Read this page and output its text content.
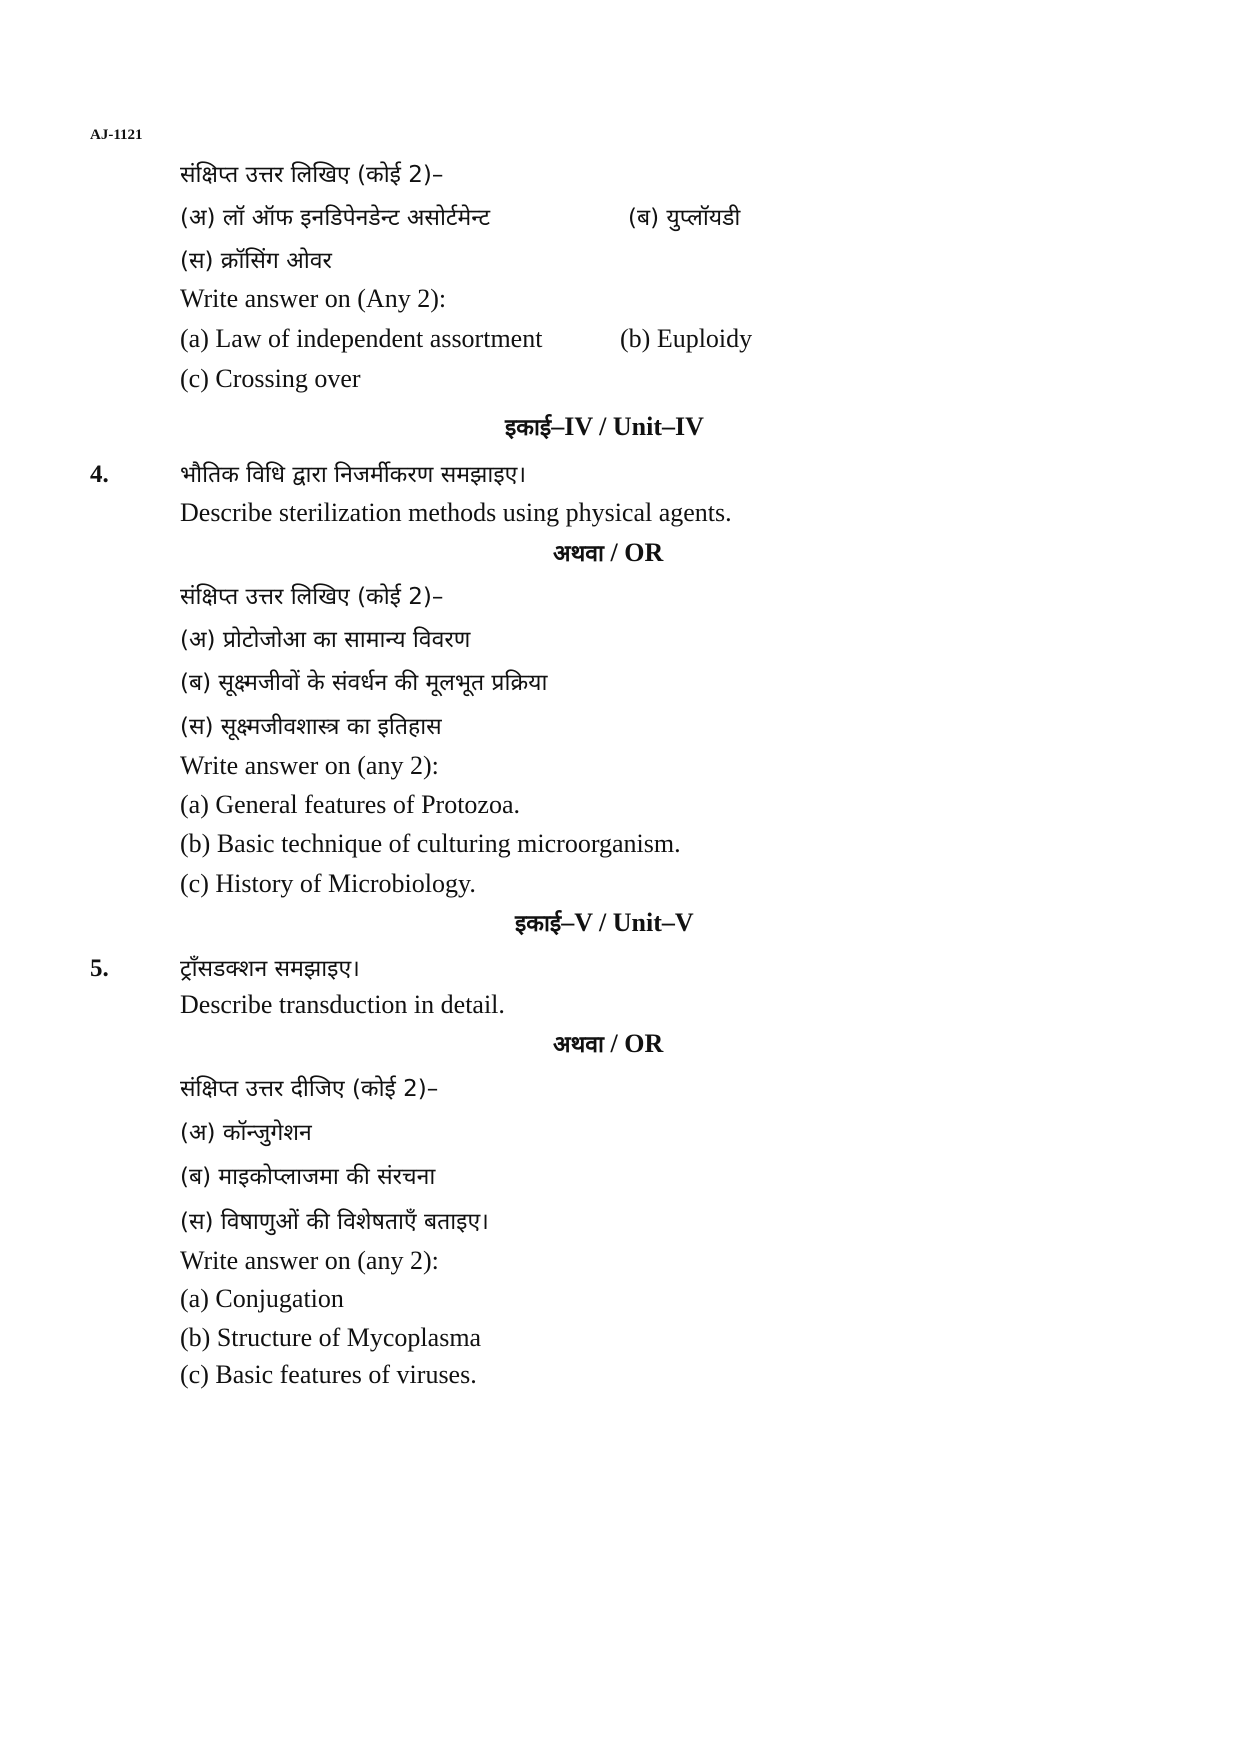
AJ-1121
संक्षिप्त उत्तर लिखिए (कोई 2)–
(अ) लॉ ऑफ इनडिपेनडेन्ट असोर्टमेन्ट	(ब) युप्लॉयडी
(स) क्रॉसिंग ओवर
Write answer on (Any 2):
(a) Law of independent assortment	(b) Euploidy
(c) Crossing over
इकाई–IV / Unit–IV
4.	भौतिक विधि द्वारा निजर्मीकरण समझाइए।
Describe sterilization methods using physical agents.
अथवा / OR
संक्षिप्त उत्तर लिखिए (कोई 2)–
(अ) प्रोटोजोआ का सामान्य विवरण
(ब) सूक्ष्मजीवों के संवर्धन की मूलभूत प्रक्रिया
(स) सूक्ष्मजीवशास्त्र का इतिहास
Write answer on (any 2):
(a) General features of Protozoa.
(b) Basic technique of culturing microorganism.
(c) History of Microbiology.
इकाई–V / Unit–V
5.	ट्राँसडक्शन समझाइए।
Describe transduction in detail.
अथवा / OR
संक्षिप्त उत्तर दीजिए (कोई 2)–
(अ) कॉन्जुगेशन
(ब) माइकोप्लाजमा की संरचना
(स) विषाणुओं की विशेषताएँ बताइए।
Write answer on (any 2):
(a) Conjugation
(b) Structure of Mycoplasma
(c) Basic features of viruses.
